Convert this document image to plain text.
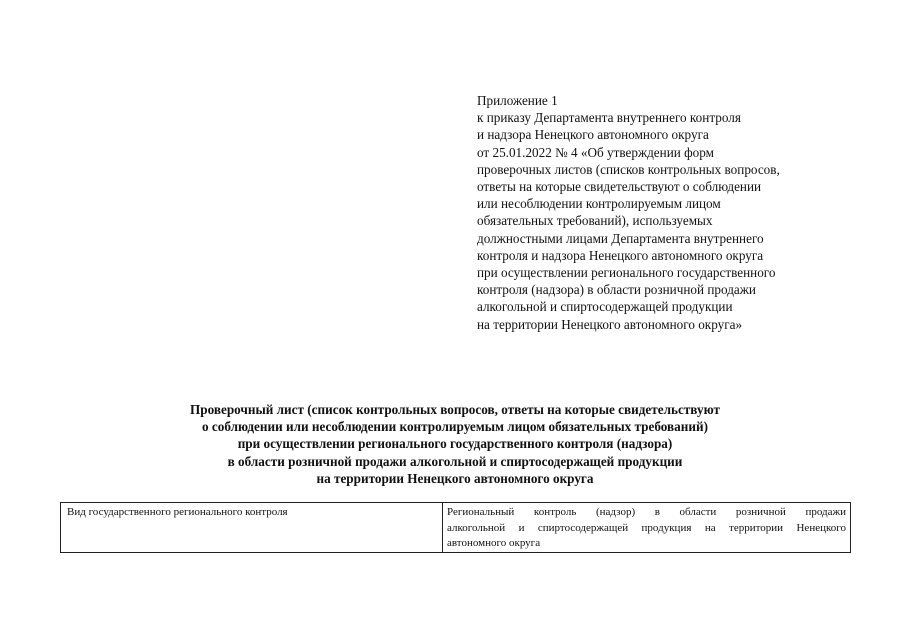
Приложение 1
к приказу Департамента внутреннего контроля
и надзора Ненецкого автономного округа
от 25.01.2022 № 4 «Об утверждении форм
проверочных листов (списков контрольных вопросов,
ответы на которые свидетельствуют о соблюдении
или несоблюдении контролируемым лицом
обязательных требований), используемых
должностными лицами Департамента внутреннего
контроля и надзора Ненецкого автономного округа
при осуществлении регионального государственного
контроля (надзора) в области розничной продажи
алкогольной и спиртосодержащей продукции
на территории Ненецкого автономного округа»
Проверочный лист (список контрольных вопросов, ответы на которые свидетельствуют
о соблюдении или несоблюдении контролируемым лицом обязательных требований)
при осуществлении регионального государственного контроля (надзора)
в области розничной продажи алкогольной и спиртосодержащей продукции
на территории Ненецкого автономного округа
Вид государственного регионального контроля	Региональный контроль (надзор) в области розничной продажи
алкогольной и спиртосодержащей продукция на территории Ненецкого
автономного округа
